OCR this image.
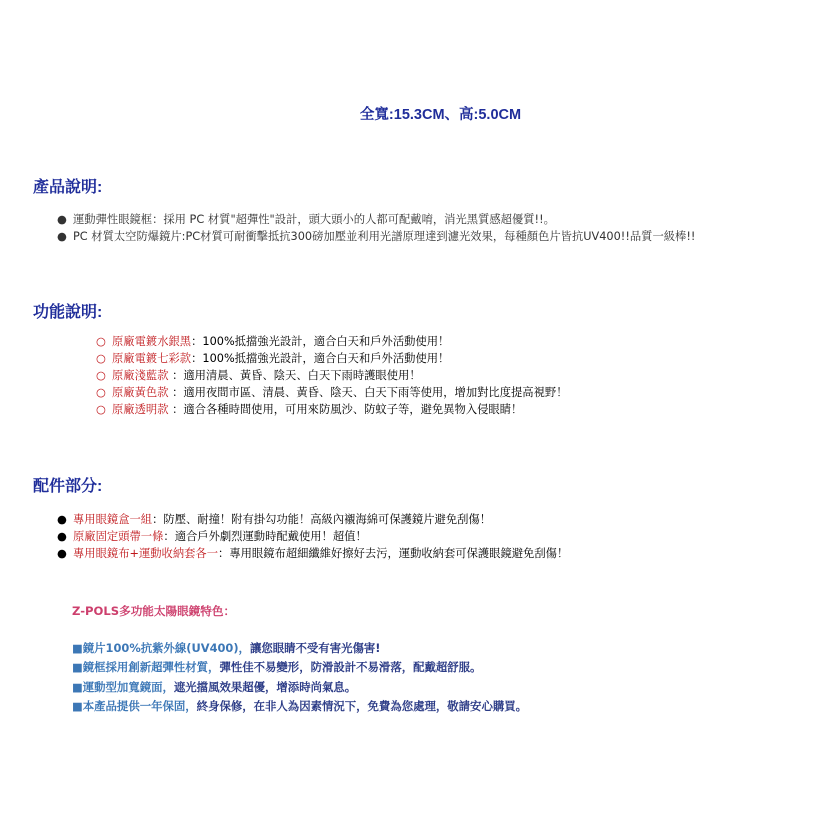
全寬:15.3CM、高:5.0CM
產品說明:
● 運動彈性眼鏡框：採用 PC 材質"超彈性"設計，頭大頭小的人都可配戴唷，消光黑質感超優質!!。
● PC 材質太空防爆鏡片:PC材質可耐衝擊抵抗300磅加壓並利用光譜原理達到濾光效果，每種顏色片皆抗UV400!!品質一級棒!!
功能說明:
○ 原廠電鍍水銀黑：100%抵擋強光設計，適合白天和戶外活動使用！
○ 原廠電鍍七彩款：100%抵擋強光設計，適合白天和戶外活動使用！
○ 原廠淺藍款 ：適用清晨、黃昏、陰天、白天下雨時護眼使用！
○ 原廠黃色款 ：適用夜間市區、清晨、黃昏、陰天、白天下雨等使用，增加對比度提高視野！
○ 原廠透明款 ：適合各種時間使用，可用來防風沙、防蚊子等，避免異物入侵眼睛！
配件部分:
● 專用眼鏡盒一組：防壓、耐撞！附有掛勾功能！高級內襯海綿可保護鏡片避免刮傷！
● 原廠固定頭帶一條：適合戶外劇烈運動時配戴使用！超值！
● 專用眼鏡布+運動收納套各一：專用眼鏡布超細纖維好擦好去污，運動收納套可保護眼鏡避免刮傷！
Z-POLS多功能太陽眼鏡特色：
■鏡片100%抗紫外線(UV400)，讓您眼睛不受有害光傷害!
■鏡框採用創新超彈性材質，彈性佳不易變形，防滑設計不易滑落，配戴超舒服。
■運動型加寬鏡面，遮光擋風效果超優，增添時尚氣息。
■本產品提供一年保固，終身保修，在非人為因素情況下，免費為您處理，敬請安心購買。
